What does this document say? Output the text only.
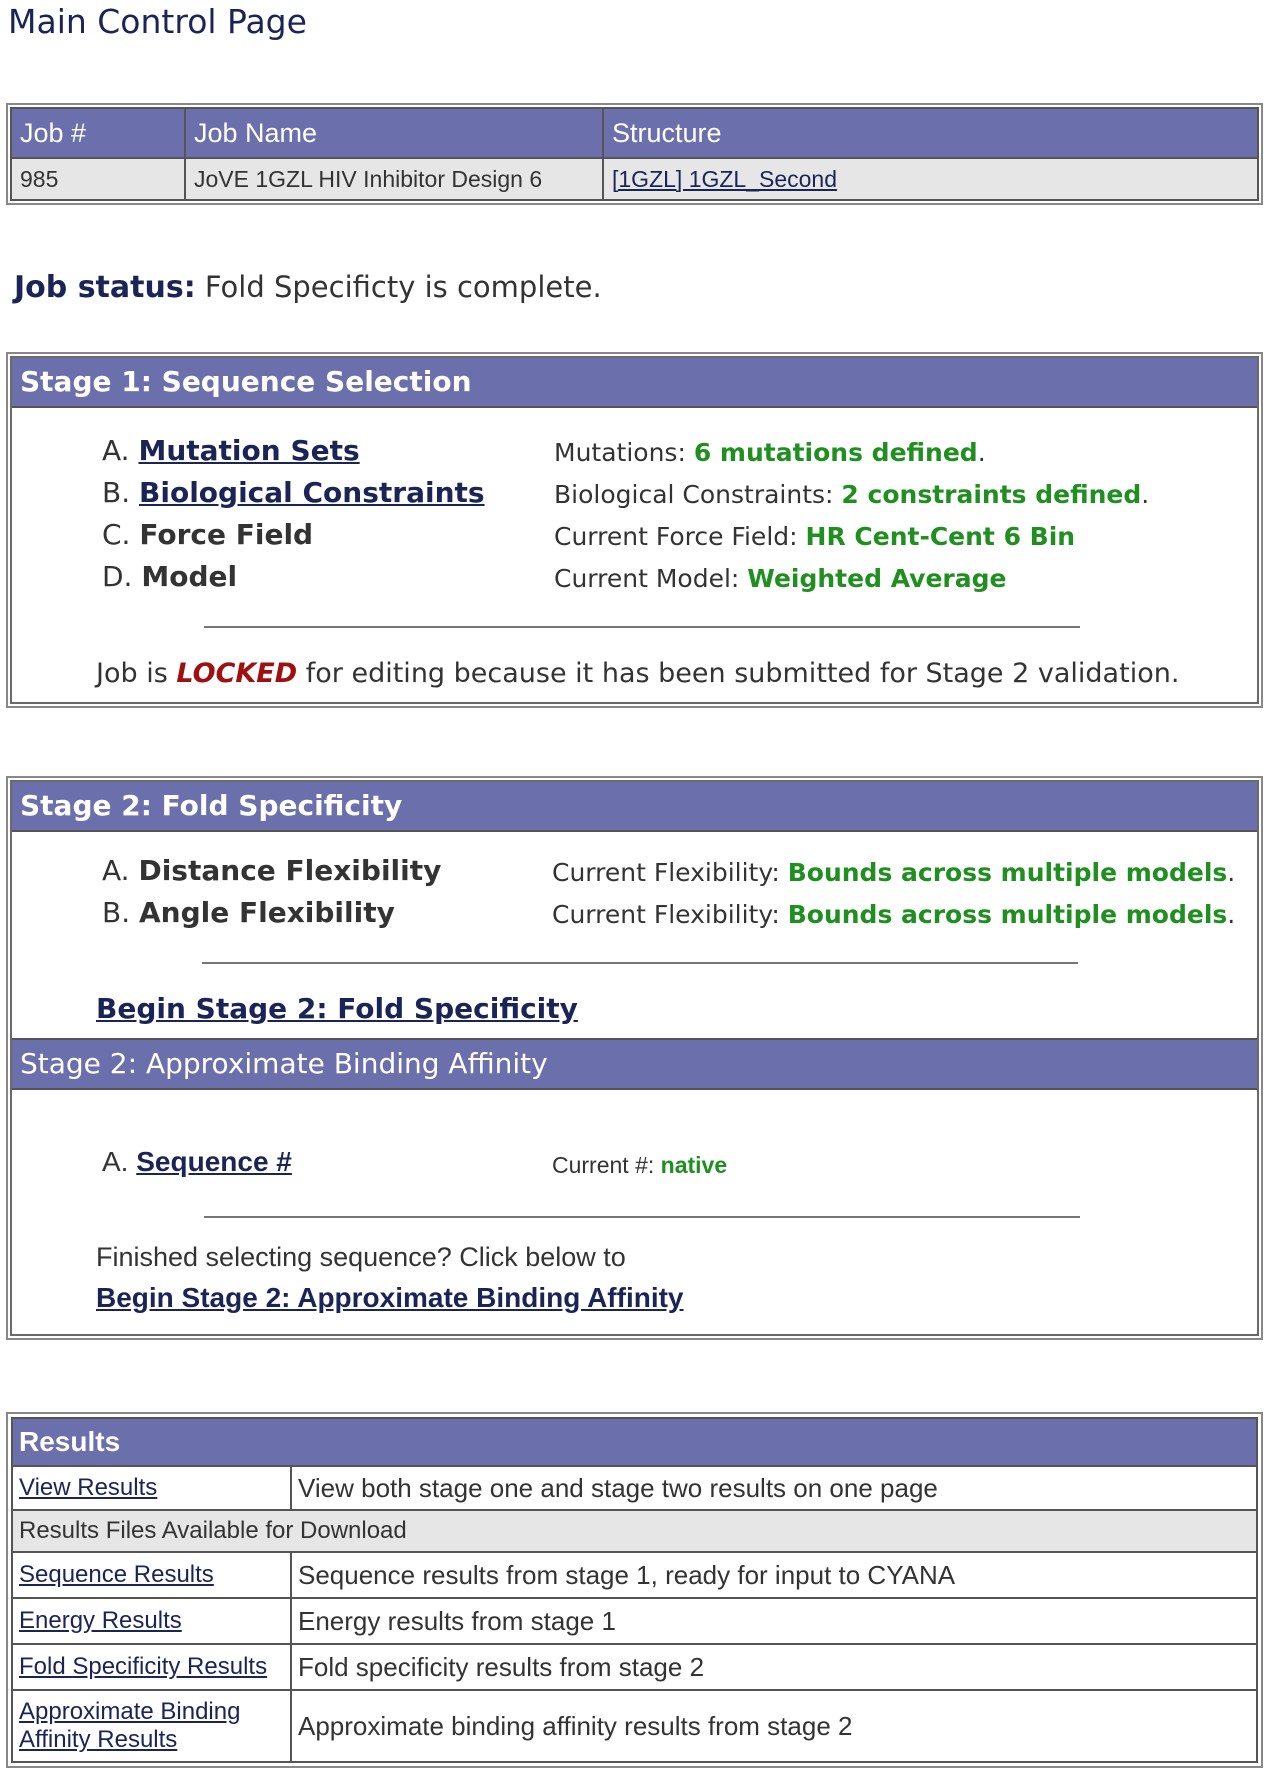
Main Control Page
Job #	Job Name	Structure
985	JoVE 1GZL HIV Inhibitor Design 6	[1GZL] 1GZL_Second
Job status: Fold Specificty is complete.
Stage 1: Sequence Selection
A. Mutation Sets	Mutations: 6 mutations defined.
B. Biological Constraints	Biological Constraints: 2 constraints defined.
C. Force Field	Current Force Field: HR Cent-Cent 6 Bin
D. Model	Current Model: Weighted Average
Job is LOCKED for editing because it has been submitted for Stage 2 validation.
Stage 2: Fold Specificity
A. Distance Flexibility	Current Flexibility: Bounds across multiple models.
B. Angle Flexibility	Current Flexibility: Bounds across multiple models.
Begin Stage 2: Fold Specificity
Stage 2: Approximate Binding Affinity
A. Sequence #	Current #: native
Finished selecting sequence? Click below to
Begin Stage 2: Approximate Binding Affinity
Results	
View Results	View both stage one and stage two results on one page
Results Files Available for Download	
Sequence Results	Sequence results from stage 1, ready for input to CYANA
Energy Results	Energy results from stage 1
Fold Specificity Results	Fold specificity results from stage 2
Approximate Binding Affinity Results	Approximate binding affinity results from stage 2
